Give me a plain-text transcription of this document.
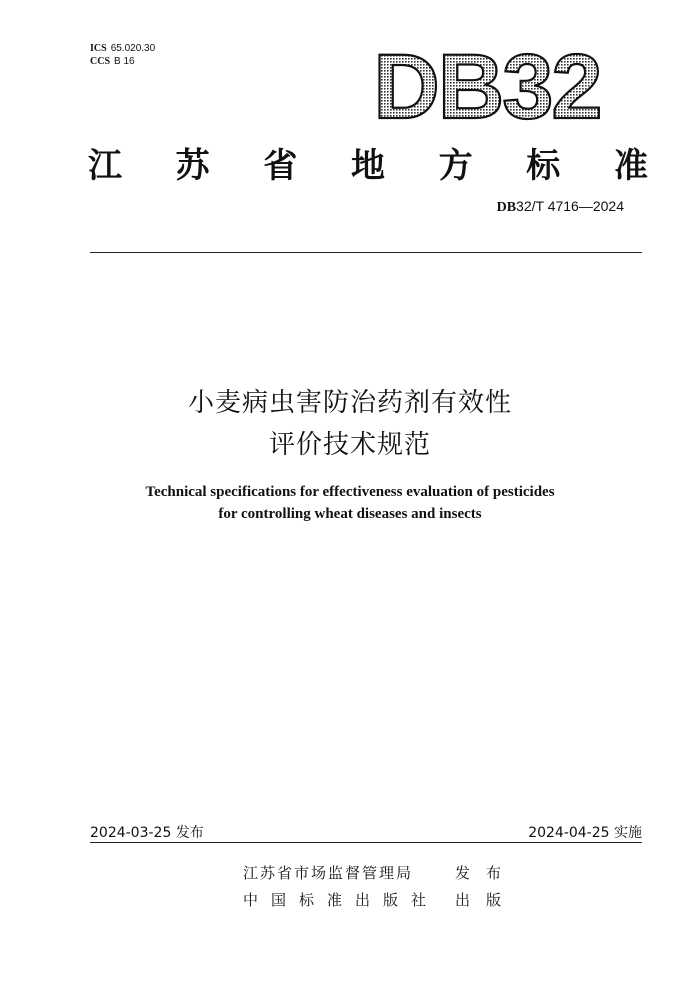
ICS 65.020.30
CCS B 16	DB32
江 苏 省 地 方 标 准
DB32/T 4716—2024
小麦病虫害防治药剂有效性
评价技术规范
Technical specifications for effectiveness evaluation of pesticides
for controlling wheat diseases and insects
2024-03-25 发布	2024-04-25 实施
江苏省市场监督管理局	发布
中国标准出版社	出版
